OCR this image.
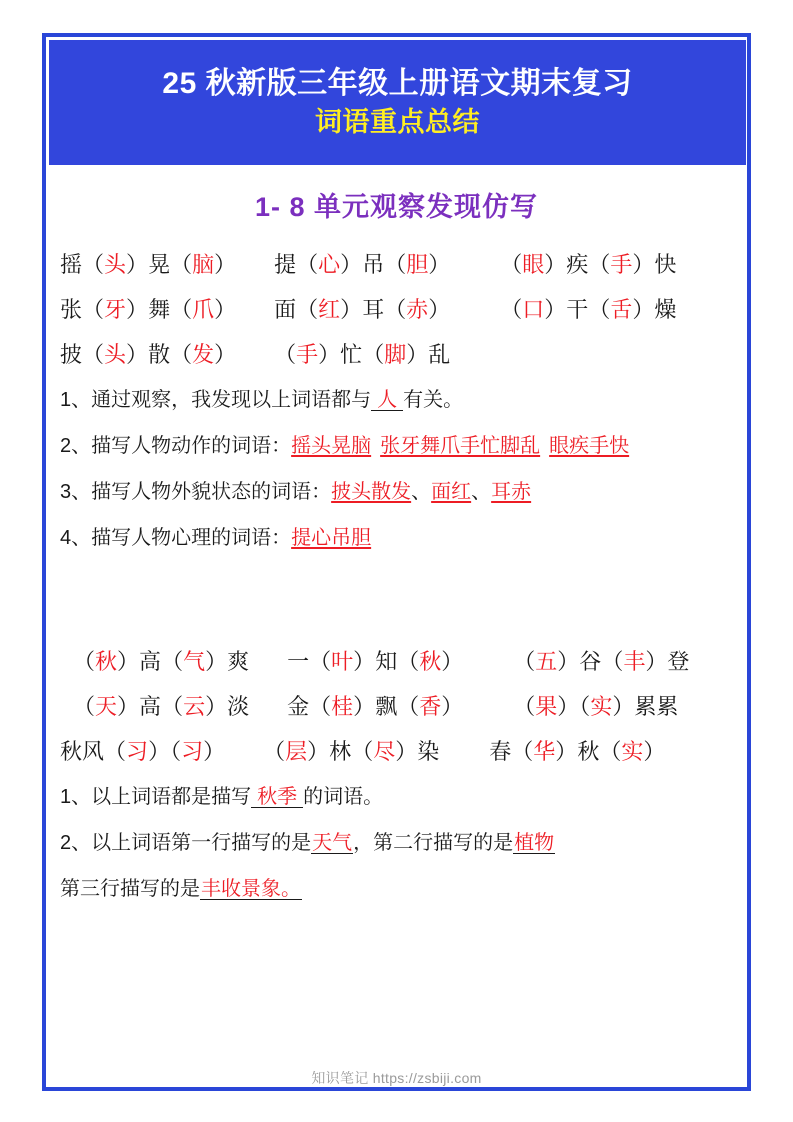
25 秋新版三年级上册语文期末复习
词语重点总结
1- 8 单元观察发现仿写
摇（头）晃（脑） 提（心）吊（胆） （眼）疾（手）快
张（牙）舞（爪） 面（红）耳（赤） （口）干（舌）燥
披（头）散（发） （手）忙（脚）乱
1、 通过观察，我发现以上词语都与 人 有关。
2、 描写人物动作的词语： 摇头晃脑 张牙舞爪手忙脚乱 眼疾手快
3、 描写人物外貌状态的词语： 披头散发 、 面红 、 耳赤
4、 描写人物心理的词语： 提心吊胆
（秋）高（气）爽 一（叶）知（秋） （五）谷（丰）登
（天）高（云）淡 金（桂）飘（香） （果）（实）累累
秋风（习）（习） （层）林（尽）染 春（华）秋（实）
1、 以上词语都是描写 秋季 的词语。
2、 以上词语第一行描写的是 天气 ，第二行描写的是 植物
第三行描写的是 丰收景象。
知识笔记 https://zsbiji.com
